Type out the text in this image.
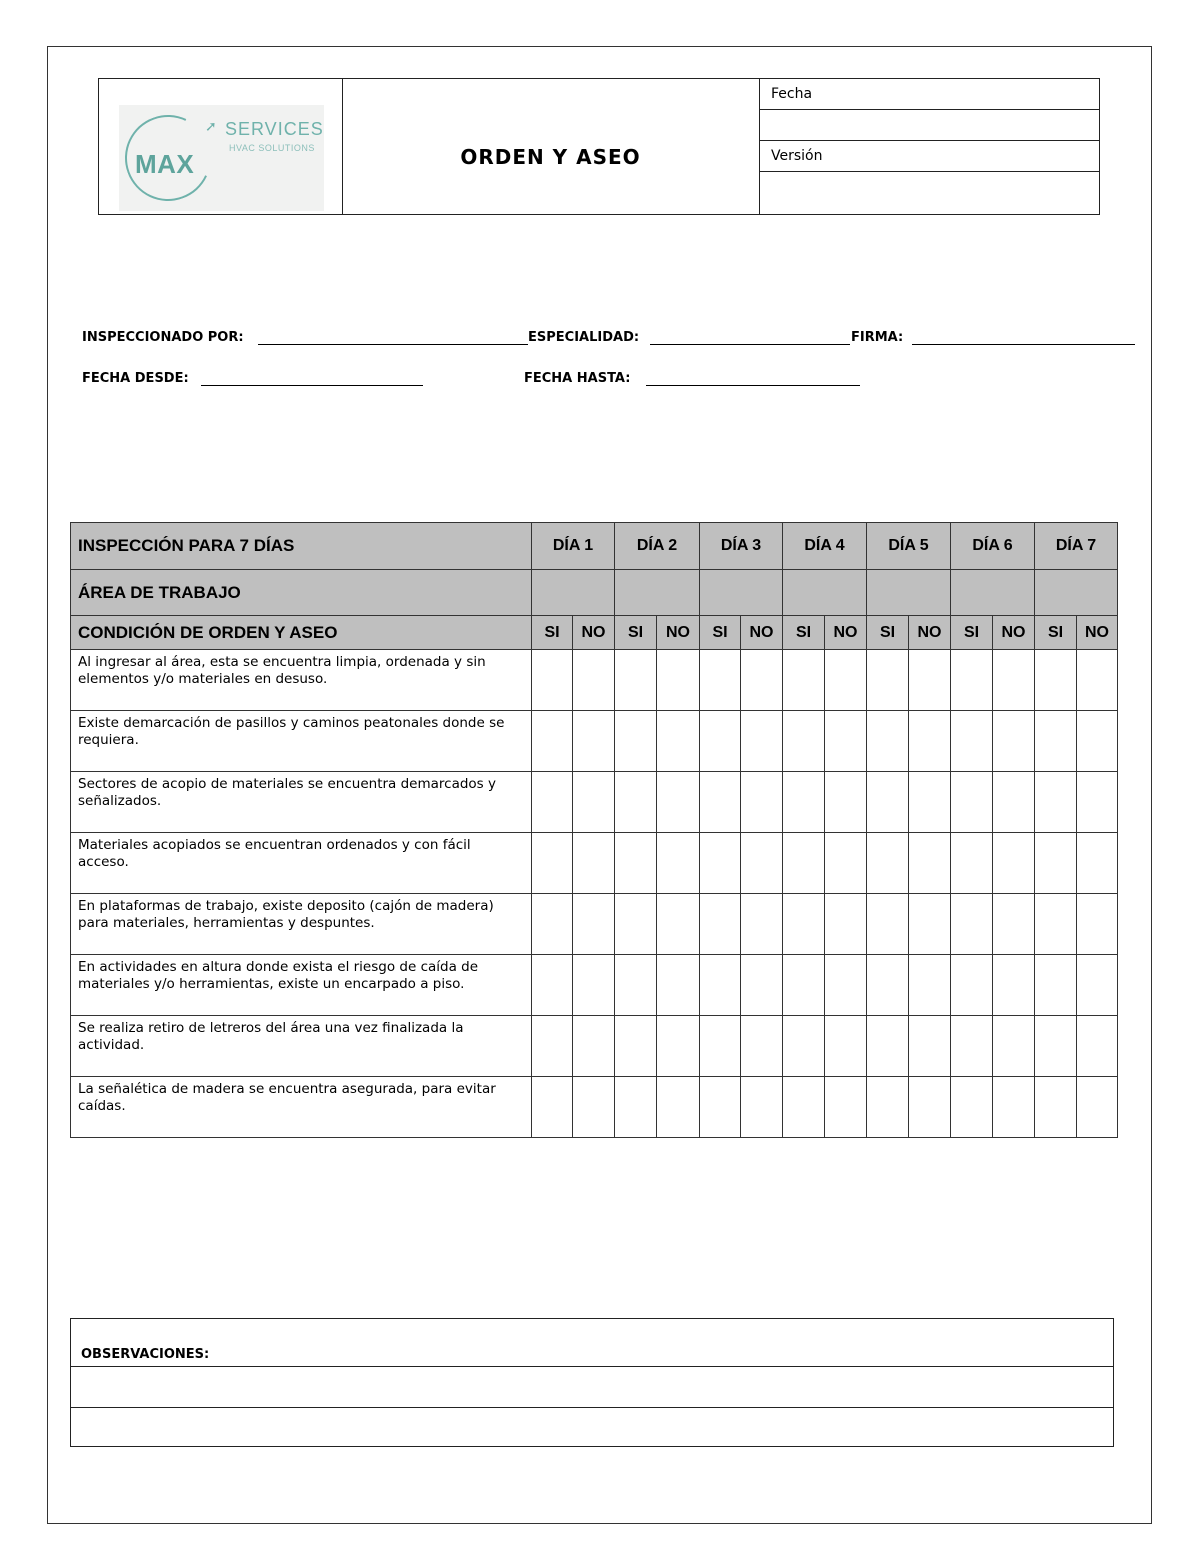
MAX
➚ SERVICES
HVAC SOLUTIONS	ORDEN Y ASEO
Fecha
Versión
INSPECCIONADO POR:	ESPECIALIDAD:	FIRMA:
FECHA DESDE:	FECHA HASTA:
INSPECCIÓN PARA 7 DÍAS	DÍA 1		DÍA 2		DÍA 3		DÍA 4		DÍA 5		DÍA 6		DÍA 7	
ÁREA DE TRABAJO														
CONDICIÓN DE ORDEN Y ASEO	SI	NO	SI	NO	SI	NO	SI	NO	SI	NO	SI	NO	SI	NO
Al ingresar al área, esta se encuentra limpia, ordenada y sin elementos y/o materiales en desuso.														
Existe demarcación de pasillos y caminos peatonales donde se requiera.														
Sectores de acopio de materiales se encuentra demarcados y señalizados.														
Materiales acopiados se encuentran ordenados y con fácil acceso.														
En plataformas de trabajo, existe deposito (cajón de madera) para materiales, herramientas y despuntes.														
En actividades en altura donde exista el riesgo de caída de materiales y/o herramientas, existe un encarpado a piso.														
Se realiza retiro de letreros del área una vez finalizada la actividad.														
La señalética de madera se encuentra asegurada, para evitar caídas.														
OBSERVACIONES:
